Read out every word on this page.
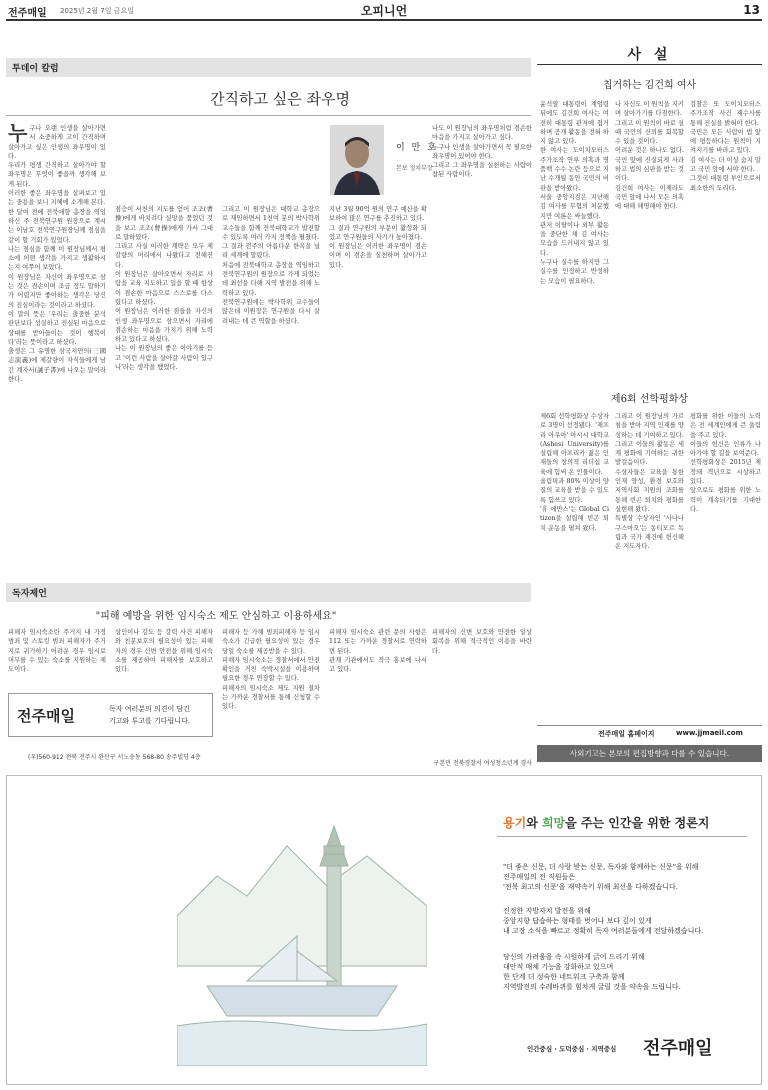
전주매일 2025년 2월 7일 금요일	오피니언	13
투데이 칼럼
간직하고 싶은 좌우명
이 만 호
본보 정치부장
누구나 오랜 인생을 살아가면서 소중하게 고이 간직하며 살아가고 싶은 인생의 좌우명이 있다.
우리가 평생 간직하고 살아가야 할 좌우명은 무엇이 좋을까 생각해 보게 된다.
이러한 좋은 좌우명을 살펴보고 있는 중용을 보니 지혜에 소개해 본다.
한 달여 전에 전북애향 총장을 역임하신 주 전북연구원 원장으로 계시는 이남호 전북연구원장님께 점심을 같이 할 기회가 있었다.
나는 점심을 함께 이 원장님께서 평소에 어떤 생각을 가지고 생활하시는지 여쭈어 보았다.
이 원장님은 자신이 좌우명으로 삼는 것은 겸손이며 조금 정도 말하기가 어렵지만 좋아하는 생각은 당신의 진심이라는 것이라고 하셨다.
이 말의 뜻은 '우리는 출중한 분석 판단보다 성실하고 진실된 마음으로 상대를 받아들이는 것이 행복이다'라는 뜻이라고 하셨다.
출생은 그 유명한 삼국지연의(三國志演義)에 제갈량이 자식들에게 남긴 계자서(誡子書)에 나오는 말이라 한다.
점승이 서천의 지도를 얻어 조조(曹操)에게 바치려다 실망을 품었던 것을 보고 조조(曹操)에게 가서 그대로 말하였다.
그리고 사실 이러한 계략은 모두 제갈량의 머리에서 나왔다고 전해진다.
이 원장님은 살아오면서 자리로 사람을 교육 지도하고 일을 할 때 항상 이 겸손한 마음으로 스스로를 다스렸다고 하셨다.
이 원장님은 이러한 점들을 자신의 인생 좌우명으로 삼으면서 자리에 겸손하는 마음을 가지기 위해 노력하고 있다고 하셨다.
나는 이 원장님의 좋은 이야기를 듣고 '이런 사람을 살아갈 사람이 있구나'라는 생각을 했었다.
그리고 이 원장님은 대학교 총장으로 재임하면서 1천여 분의 박사학위 교수들을 함께 전북대학교가 발전할 수 있도록 여러 가지 정책을 펼쳤다.
그 결과 전주의 아름다운 한옥을 널리 세계에 알렸다.
처음에 전북대학교 총장을 역임하고 전북연구원의 원장으로 가게 되었는데 최선을 다해 지역 발전을 위해 노력하고 있다.
전북연구원에는 박사학위 교수들이 많은데 이원장은 연구원을 다시 살려내는 데 큰 역할을 하셨다.
지난 3월 90억 원의 연구 예산을 확보하여 많은 연구를 추진하고 있다.
그 결과 연구원의 부문이 활성화 되었고 연구원들의 사기가 높아졌다.
이 원장님은 이러한 좌우명이 겸손이며 이 겸손을 실천하며 살아가고 있다.
나도 이 원장님의 좌우명처럼 겸손한 마음을 가지고 살아가고 싶다.
누구나 인생을 살아가면서 꼭 필요한 좌우명이 있어야 한다.
그리고 그 좌우명을 실천하는 사람이 참된 사람이다.
사 설
칩거하는 김건희 여사
윤석열 대통령이 계엄령 뒤에도 김건희 여사는 여전히 대통령 관저에 칩거하며 공개 활동을 전혀 하지 않고 있다.
한 여사는 도이치모터스 주가조작 연루 의혹과 명품백 수수 논란 등으로 지난 수개월 동안 국민의 비판을 받아왔다.
서울 중앙지검은 지난해 김 여사를 무혐의 처분했지만 여론은 싸늘했다.
관저 이탈이나 외부 활동을 중단한 채 김 여사는 모습을 드러내지 않고 있다.
누구나 실수를 하지만 그 실수를 인정하고 반성하는 모습이 필요하다.
나 자신도 이 원칙을 지키며 살아가기를 다짐한다.
그리고 이 원칙이 바로 설 때 국민의 신뢰를 회복할 수 있을 것이다.
어려운 것은 하나도 없다. 국민 앞에 진실되게 사과하고 법의 심판을 받는 것이다.
김건희 여사는 이제라도 국민 앞에 나서 모든 의혹에 대해 해명해야 한다.
검찰은 또 도이치모터스 주가조작 사건 재수사를 통해 진실을 밝혀야 한다.
국민은 모든 사람이 법 앞에 평등하다는 원칙이 지켜지기를 바라고 있다.
김 여사는 더 이상 숨지 말고 국민 앞에 서야 한다.
그것이 대통령 부인으로서 최소한의 도리다.
제6회 선학평화상
제6회 선학평화상 수상자로 3명이 선정됐다. '제프리 아우아' 아시시 대학교(Ashesi University)를 설립해 아프리카 젊은 인재들의 창의적 리더십 교육에 힘써 온 인물이다.
올림픽과 80% 이상이 양질의 교육을 받을 수 있도록 힘쓰고 있다.
'휴 에반스'는 Global Citizen을 설립해 빈곤 퇴치 운동을 펼쳐 왔다.
그리고 이 원장님의 가르침을 받아 지역 인재를 양성하는 데 기여하고 있다.
그리고 이들의 활동은 세계 평화에 기여하는 귀한 발걸음이다.
수상자들은 교육을 통한 인재 양성, 환경 보호와 지역사회 지원의 조화를 통해 빈곤 퇴치와 평화를 실현해 왔다.
특별상 수상자인 '사나나 구스마오'는 동티모르 독립과 국가 재건에 헌신해 온 지도자다.
평화를 위한 이들의 노력은 전 세계인에게 큰 울림을 주고 있다.
이들의 헌신은 인류가 나아가야 할 길을 보여준다.
선학평화상은 2015년 제정돼 격년으로 시상하고 있다.
앞으로도 평화를 위한 노력이 계속되기를 기대한다.
전주매일 홈페이지	www.jjmaeil.com
사외기고는 본보의 편집방향과 다를 수 있습니다.
독자제언
"피해 예방을 위한 임시숙소 제도 안심하고 이용하세요"
피해자 임시숙소란 주거지 내 가정 범죄 및 스토킹 범죄 피해자가 주거지로 귀가하기 어려운 경우 임시로 머무를 수 있는 숙소를 지원하는 제도이다.
상인이나 강도 등 강력 사건 피해자와 친분보호의 필요성이 있는 피해자의 경우 신변 안전을 위해 임시숙소를 제공하여 피해자를 보호하고 있다.
피해자 등 가해 범죄피해자 등 임시숙소가 긴급한 필요성이 있는 경우 당일 숙소를 제공받을 수 있다.
피해자 임시숙소는 경찰서에서 안전 확인을 거친 숙박시설을 이용하며 필요한 경우 연장할 수 있다.
피해자의 임시숙소 제도 지원 절차는 가까운 경찰서를 통해 신청할 수 있다.
피해자 임시숙소 관련 문의 사항은 112 또는 가까운 경찰서로 연락하면 된다.
관계 기관에서도 적극 홍보에 나서고 있다.
피해자의 신변 보호와 안전한 일상 회복을 위해 적극적인 이용을 바란다.
구본민 전북경찰서 여성청소년계 경사
전주매일	독자 여러분의 의견이 담긴
기고와 투고를 기다립니다.
(우)560-912 전북 전주시 완산구 서노송동 568-80 송주빌딩 4층
용기와 희망을 주는 인간을 위한 정론지
"더 좋은 신문, 더 사랑 받는 신문, 독자와 함께하는 신문"을 위해
전주매일의 전 직원들은
'전북 최고의 신문'을 재약속키 위해 최선을 다하겠습니다.
진정한 지방자치 발전을 위해
중앙지향 답습하는 형태를 벗어나 보다 깊이 있게
내 고장 소식을 빠르고 정확히 독자 여러분들에게 전달하겠습니다.
당신의 가려움을 속 시원하게 긁어 드리기 위해
대안적 매체 기능을 강화하고 있으며
한 단계 더 성숙한 네트워크 구축과 함께
지역발전의 수레바퀴를 힘차게 굴릴 것을 약속을 드립니다.
인간중심 · 도덕중심 · 지역중심 전주매일
